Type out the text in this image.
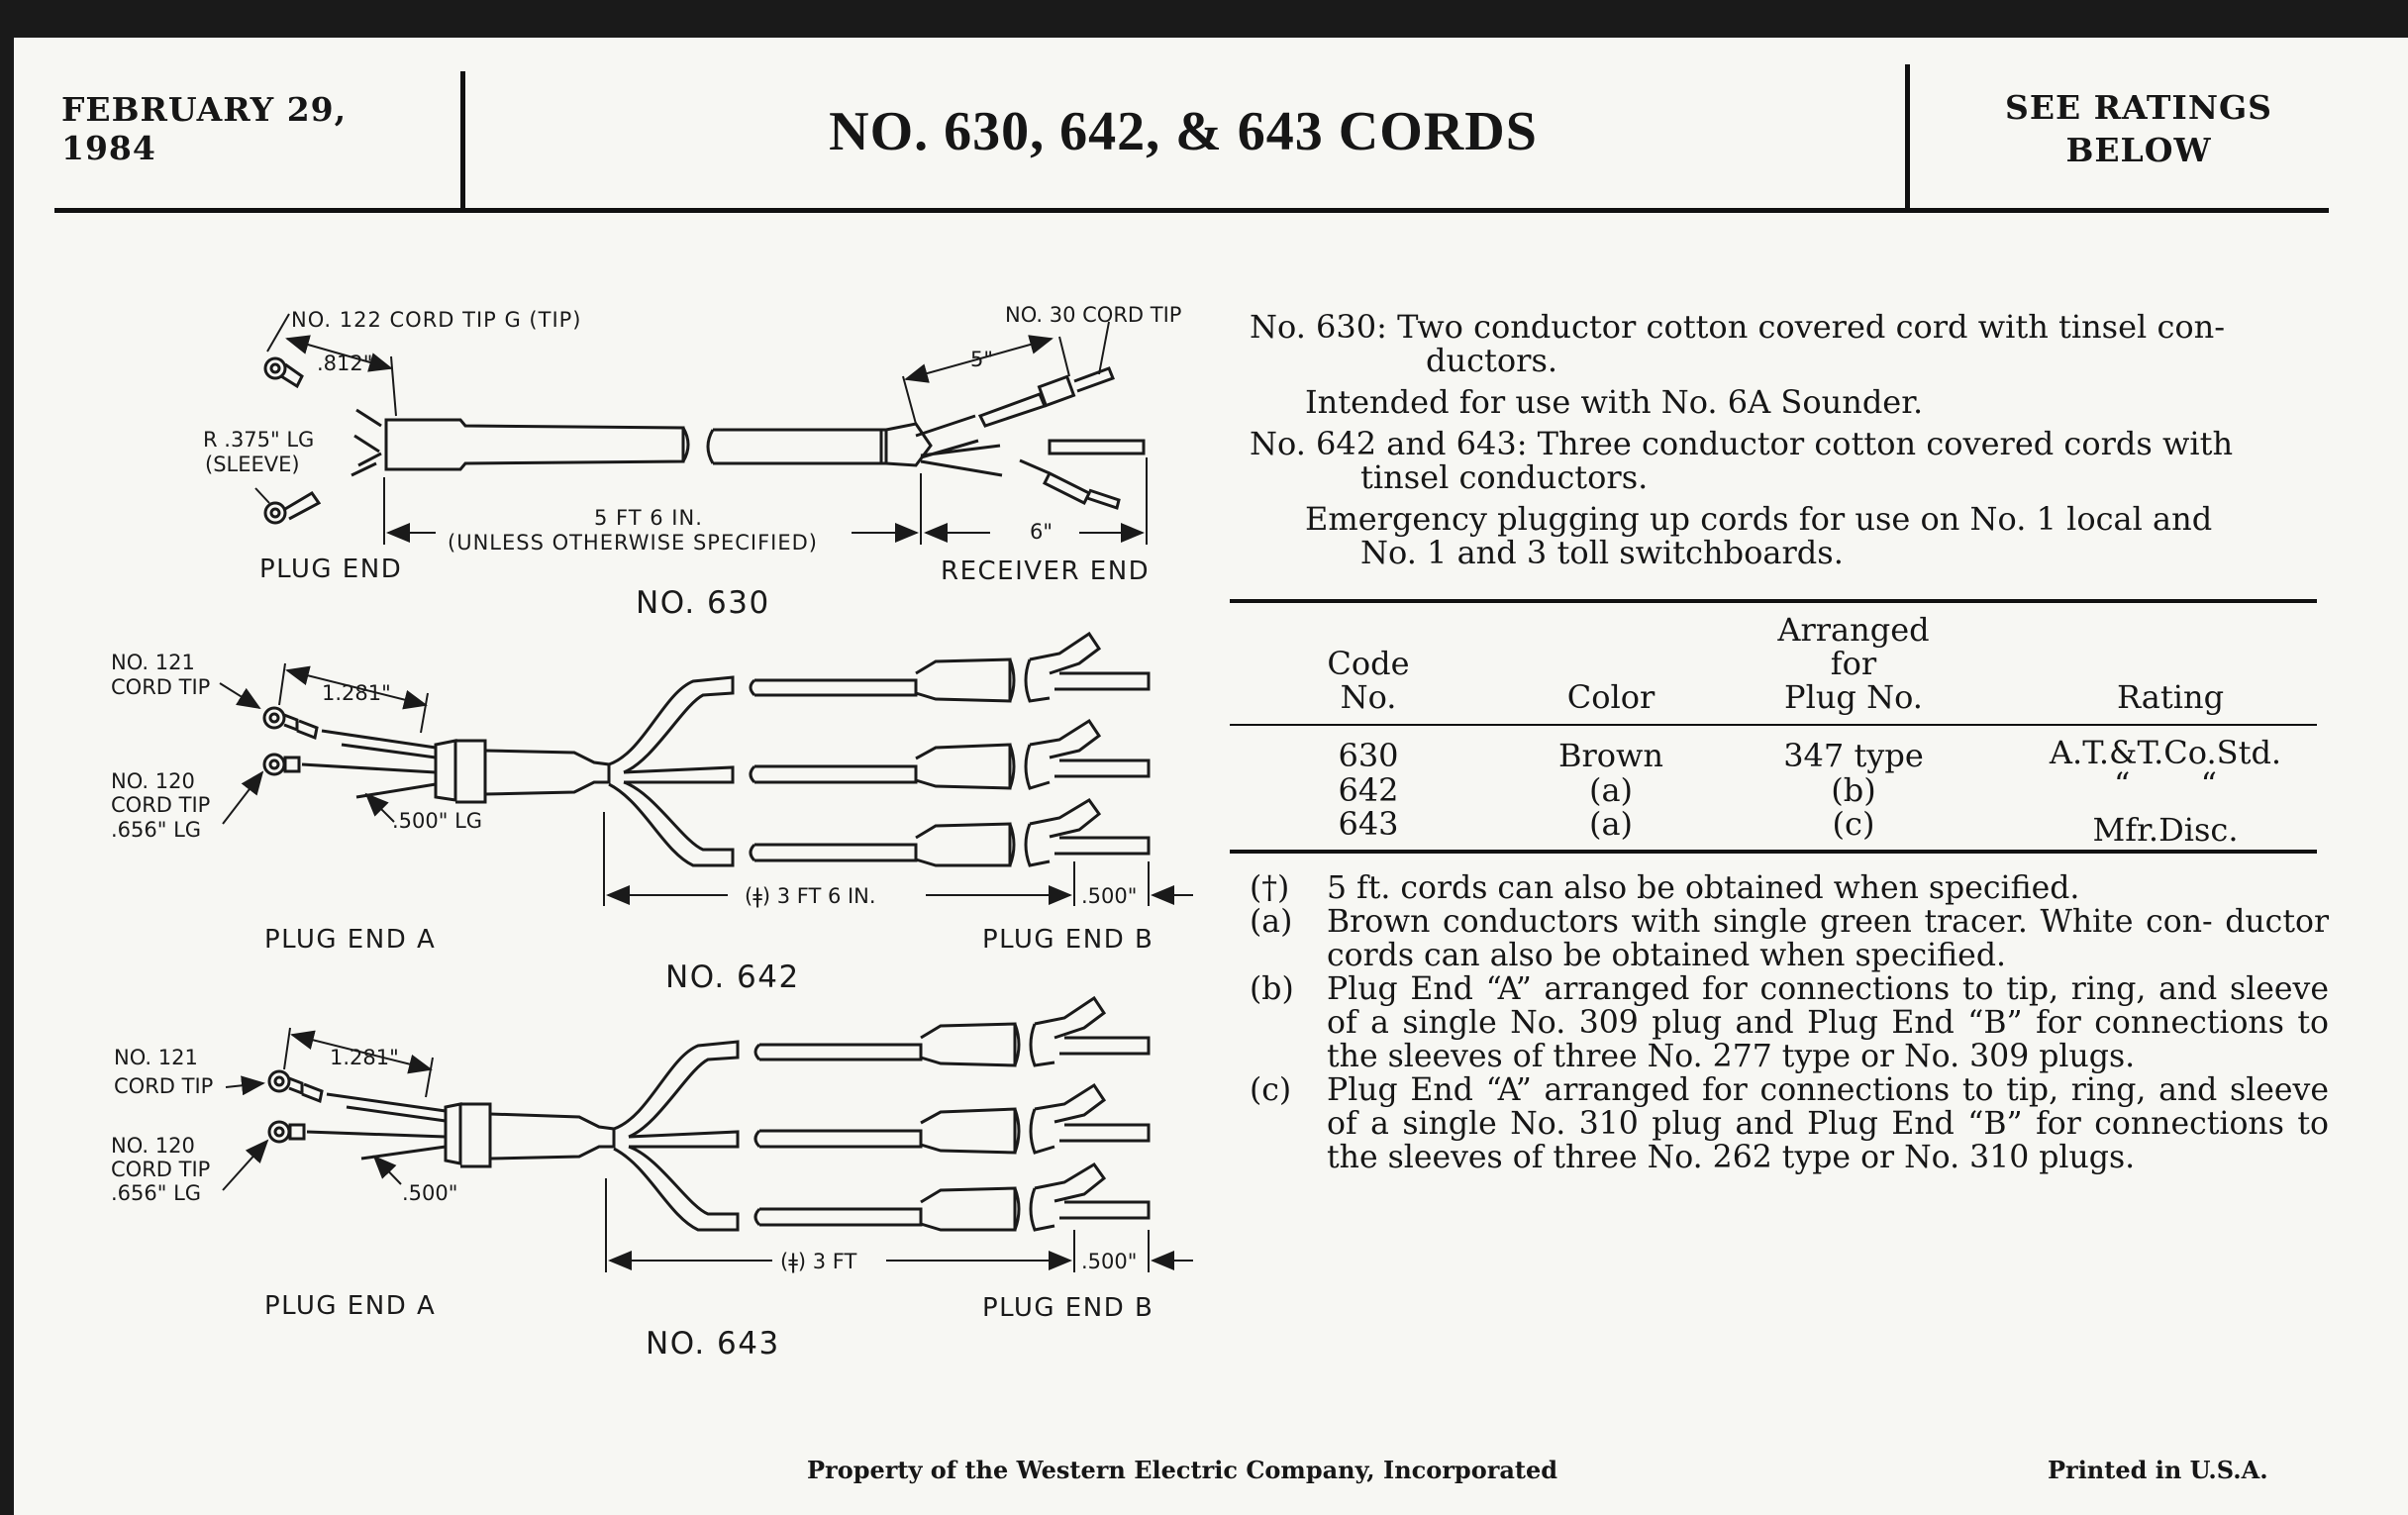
FEBRUARY 29, 1984	NO. 630, 642, & 643 CORDS	SEE RATINGS
BELOW
NO. 122 CORD TIP G (TIP)
.812"
R .375" LG
(SLEEVE)
NO. 30 CORD TIP
5"
5 FT 6 IN.
(UNLESS OTHERWISE SPECIFIED)	6"
PLUG END	RECEIVER END
NO. 630
NO. 121
CORD TIP	1.281"
NO. 120
CORD TIP
.656" LG	.500" LG
(ǂ) 3 FT 6 IN.	.500"
PLUG END A	PLUG END B
NO. 642
NO. 121
CORD TIP
1.281"
NO. 120
CORD TIP
.656" LG	.500"
(ǂ) 3 FT	.500"
PLUG END A	PLUG END B
NO. 643

No. 630: Two conductor cotton covered cord with tinsel con-

ductors.

Intended for use with No. 6A Sounder.

No. 642 and 643: Three conductor cotton covered cords with

tinsel conductors.

Emergency plugging up cords for use on No. 1 local and

No. 1 and 3 toll switchboards.

Code
No.	Color
Arranged
for
Plug No.	Rating
630	Brown	347 type	A.T.&T.Co.Std.
642	(a)	(b)	“       “
643	(a)	(c)	Mfr.Disc.
(†) 5 ft. cords can also be obtained when specified.
(a) Brown conductors with single green tracer. White con- ductor cords can also be obtained when specified.
(b) Plug End “A” arranged for connections to tip, ring, and sleeve of a single No. 309 plug and Plug End “B” for connections to the sleeves of three No. 277 type or No. 309 plugs.
(c) Plug End “A” arranged for connections to tip, ring, and sleeve of a single No. 310 plug and Plug End “B” for connections to the sleeves of three No. 262 type or No. 310 plugs.
Property of the Western Electric Company, Incorporated	Printed in U.S.A.
